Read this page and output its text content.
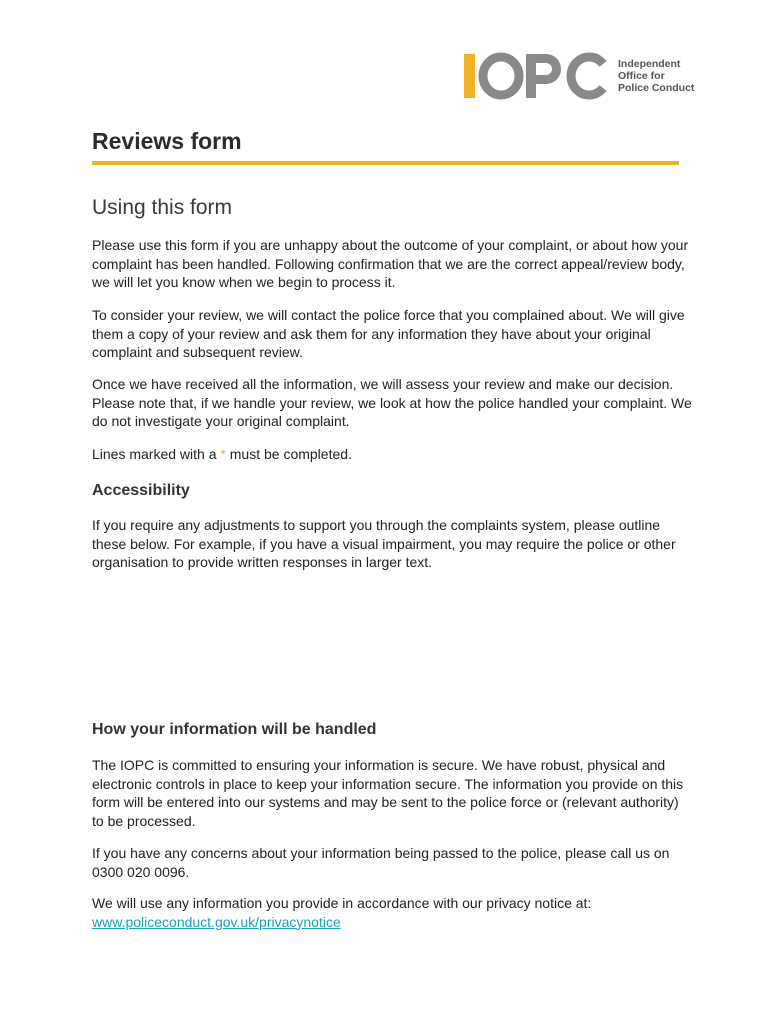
Independent
Office for
Police Conduct
Reviews form
Using this form

Please use this form if you are unhappy about the outcome of your complaint, or about how your complaint has been handled. Following confirmation that we are the correct appeal/review body, we will let you know when we begin to process it.

To consider your review, we will contact the police force that you complained about. We will give them a copy of your review and ask them for any information they have about your original complaint and subsequent review.

Once we have received all the information, we will assess your review and make our decision. Please note that, if we handle your review, we look at how the police handled your complaint. We do not investigate your original complaint.

Lines marked with a * must be completed.

Accessibility

If you require any adjustments to support you through the complaints system, please outline these below. For example, if you have a visual impairment, you may require the police or other organisation to provide written responses in larger text.

How your information will be handled

The IOPC is committed to ensuring your information is secure. We have robust, physical and electronic controls in place to keep your information secure. The information you provide on this form will be entered into our systems and may be sent to the police force or (relevant authority) to be processed.

If you have any concerns about your information being passed to the police, please call us on 0300 020 0096.

We will use any information you provide in accordance with our privacy notice at:
www.policeconduct.gov.uk/privacynotice
